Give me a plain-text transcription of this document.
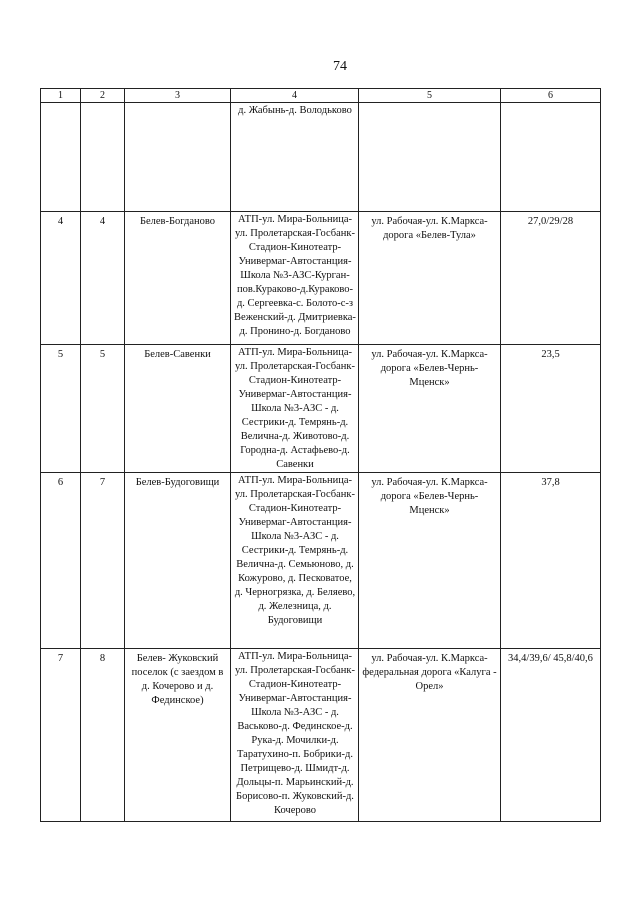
74
1	2	3	4	5	6

			д. Жабынь-д. Володьково		

4	4	Белев-Богданово	АТП-ул. Мира-Больница-ул. Пролетарская-Госбанк-Стадион-Кинотеатр-Универмаг-Автостанция-Школа №3-АЗС-Курган-пов.Кураково-д.Кураково-д. Сергеевка-с. Болото-с-з Веженский-д. Дмитриевка-д. Пронино-д. Богданово	ул. Рабочая-ул. К.Маркса-дорога «Белев-Тула»	27,0/29/28

5	5	Белев-Савенки	АТП-ул. Мира-Больница-ул. Пролетарская-Госбанк-Стадион-Кинотеатр-Универмаг-Автостанция-Школа №3-АЗС - д. Сестрики-д. Темрянь-д. Велична-д. Животово-д. Городна-д. Астафьево-д. Савенки	ул. Рабочая-ул. К.Маркса-дорога «Белев-Чернь-Мценск»	23,5

6	7	Белев-Будоговищи	АТП-ул. Мира-Больница-ул. Пролетарская-Госбанк-Стадион-Кинотеатр-Универмаг-Автостанция-Школа №3-АЗС - д. Сестрики-д. Темрянь-д. Велична-д. Семьюново, д. Кожурово, д. Песковатое, д. Черногрязка, д. Беляево, д. Железница, д. Будоговищи	ул. Рабочая-ул. К.Маркса-дорога «Белев-Чернь-Мценск»	37,8

7	8	Белев- Жуковский поселок (с заездом в д. Кочерово и д. Фединское)	АТП-ул. Мира-Больница-ул. Пролетарская-Госбанк-Стадион-Кинотеатр-Универмаг-Автостанция-Школа №3-АЗС - д. Васьково-д. Фединское-д. Рука-д. Мочилки-д. Таратухино-п. Бобрики-д. Петрищево-д. Шмидт-д. Дольцы-п. Марьинский-д. Борисово-п. Жуковский-д. Кочерово	ул. Рабочая-ул. К.Маркса-федеральная дорога «Калуга - Орел»	34,4/39,6/ 45,8/40,6
